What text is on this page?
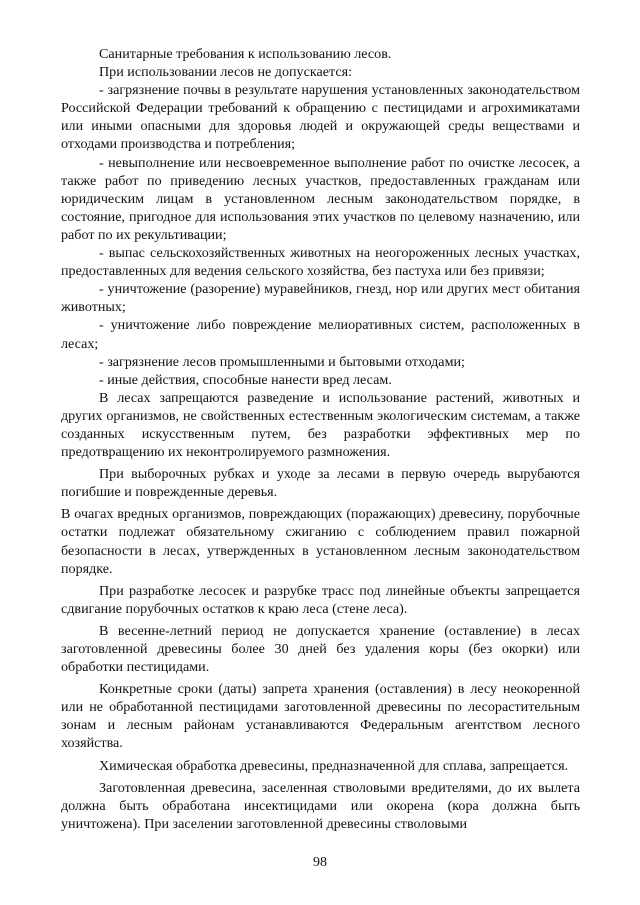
Санитарные требования к использованию лесов.

При использовании лесов не допускается:

- загрязнение почвы в результате нарушения установленных законодательством Российской Федерации требований к обращению с пестицидами и агрохимикатами или иными опасными для здоровья людей и окружающей среды веществами и отходами производства и потребления;

- невыполнение или несвоевременное выполнение работ по очистке лесосек, а также работ по приведению лесных участков, предоставленных гражданам или юридическим лицам в установленном лесным законодательством порядке, в состояние, пригодное для использования этих участков по целевому назначению, или работ по их рекультивации;

- выпас сельскохозяйственных животных на неогороженных лесных участках, предоставленных для ведения сельского хозяйства, без пастуха или без привязи;

- уничтожение (разорение) муравейников, гнезд, нор или других мест обитания животных;

- уничтожение либо повреждение мелиоративных систем, расположенных в лесах;

- загрязнение лесов промышленными и бытовыми отходами;

- иные действия, способные нанести вред лесам.

В лесах запрещаются разведение и использование растений, животных и других организмов, не свойственных естественным экологическим системам, а также созданных искусственным путем, без разработки эффективных мер по предотвращению их неконтролируемого размножения.

При выборочных рубках и уходе за лесами в первую очередь вырубаются погибшие и поврежденные деревья.

В очагах вредных организмов, повреждающих (поражающих) древесину, порубочные остатки подлежат обязательному сжиганию с соблюдением правил пожарной безопасности в лесах, утвержденных в установленном лесным законодательством порядке.

При разработке лесосек и разрубке трасс под линейные объекты запрещается сдвигание порубочных остатков к краю леса (стене леса).

В весенне-летний период не допускается хранение (оставление) в лесах заготовленной древесины более 30 дней без удаления коры (без окорки) или обработки пестицидами.

Конкретные сроки (даты) запрета хранения (оставления) в лесу неокоренной или не обработанной пестицидами заготовленной древесины по лесорастительным зонам и лесным районам устанавливаются Федеральным агентством лесного хозяйства.

Химическая обработка древесины, предназначенной для сплава, запрещается.

Заготовленная древесина, заселенная стволовыми вредителями, до их вылета должна быть обработана инсектицидами или окорена (кора должна быть уничтожена). При заселении заготовленной древесины стволовыми

98
